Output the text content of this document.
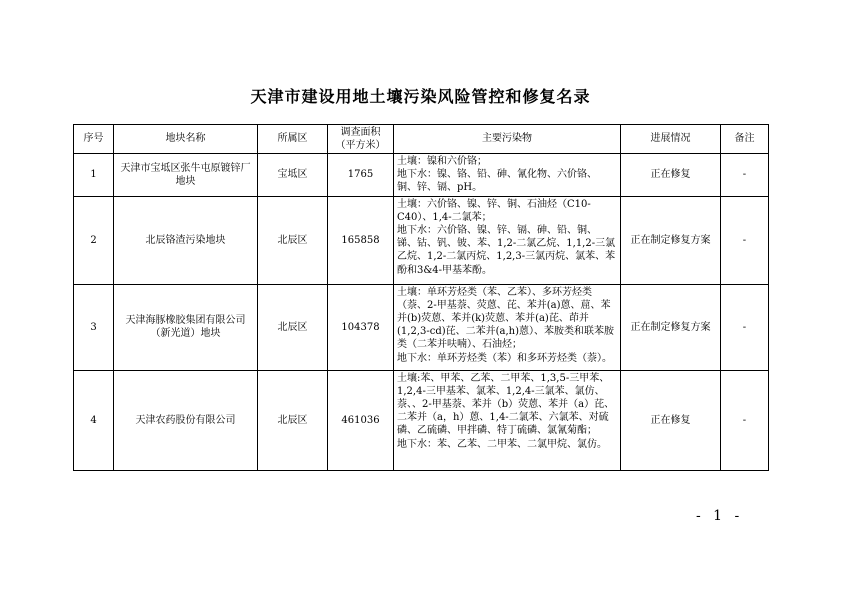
天津市建设用地土壤污染风险管控和修复名录
序号	地块名称	所属区	调查面积（平方米）	主要污染物	进展情况	备注
1	天津市宝坻区张牛屯原镀锌厂地块	宝坻区	1765	土壤：镍和六价铬；
地下水：镍、铬、铅、砷、氰化物、六价铬、铜、锌、镉、pH。	正在修复	-
2	北辰铬渣污染地块	北辰区	165858	土壤：六价铬、镍、锌、铜、石油烃（C10-C40）、1,4-二氯苯；
地下水：六价铬、镍、锌、镉、砷、铅、铜、锑、钴、钒、铍、苯、1,2-二氯乙烷、1,1,2-三氯乙烷、1,2-二氯丙烷、1,2,3-三氯丙烷、氯苯、苯酚和3&4-甲基苯酚。	正在制定修复方案	-
3	天津海豚橡胶集团有限公司（新光道）地块	北辰区	104378	土壤：单环芳烃类（苯、乙苯）、多环芳烃类（萘、2-甲基萘、荧蒽、芘、苯并(a)蒽、䓛、苯并(b)荧蒽、苯并(k)荧蒽、苯并(a)芘、茚并(1,2,3-cd)芘、二苯并(a,h)蒽）、苯胺类和联苯胺类（二苯并呋喃）、石油烃；
地下水：单环芳烃类（苯）和多环芳烃类（萘）。	正在制定修复方案	-
4	天津农药股份有限公司	北辰区	461036	土壤:苯、甲苯、乙苯、二甲苯、1,3,5-三甲苯、1,2,4-三甲基苯、氯苯、1,2,4-三氯苯、氯仿、萘、、2-甲基萘、苯并（b）荧蒽、苯并（a）芘、二苯并（a，h）蒽、1,4-二氯苯、六氯苯、对硫磷、乙硫磷、甲拌磷、特丁硫磷、氯氰菊酯；
地下水：苯、乙苯、二甲苯、二氯甲烷、氯仿。	正在修复	-
- 1 -
